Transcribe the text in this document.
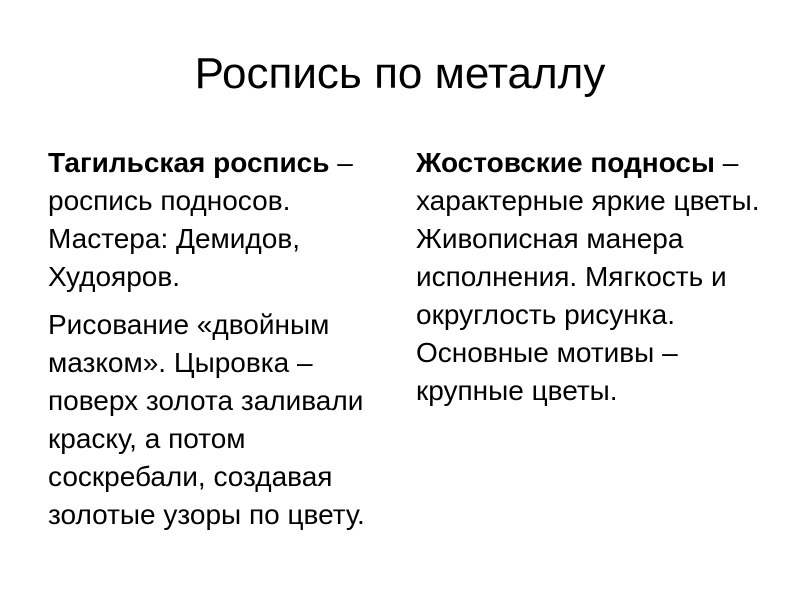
Роспись по металлу

Тагильская роспись – роспись подносов. Мастера: Демидов, Худояров.

Рисование «двойным мазком». Цыровка – поверх золота заливали краску, а потом соскребали, создавая золотые узоры по цвету.

Жостовские подносы – характерные яркие цветы. Живописная манера исполнения. Мягкость и округлость рисунка. Основные мотивы – крупные цветы.
